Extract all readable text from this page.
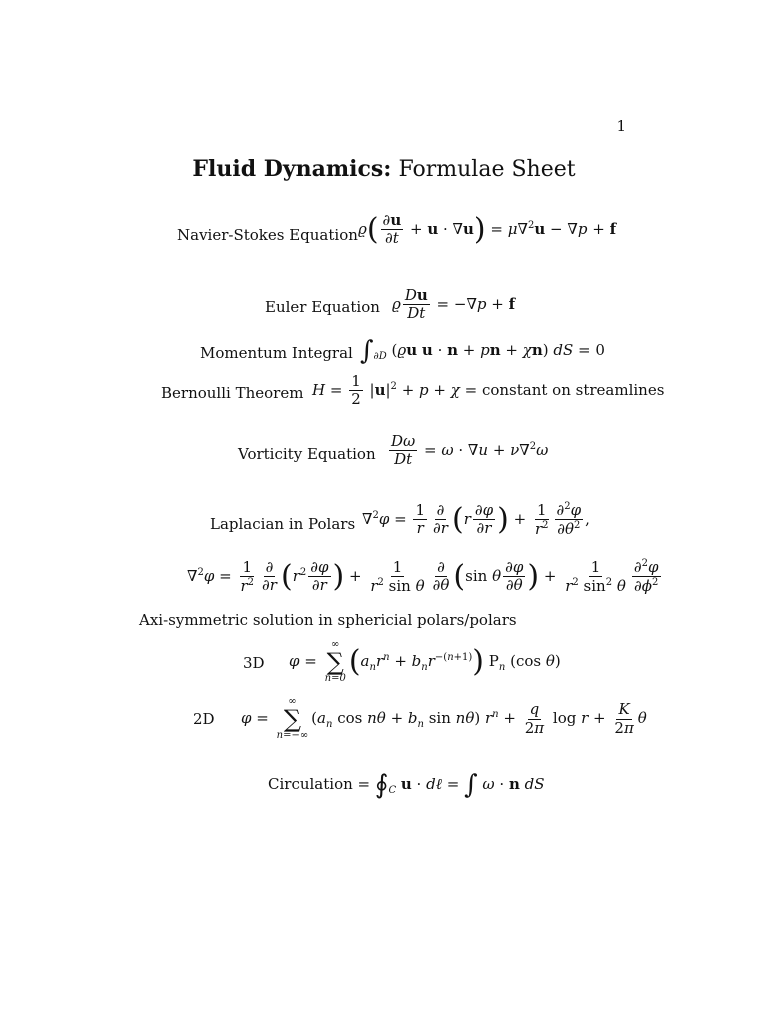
1
Fluid Dynamics: Formulae Sheet
Navier-Stokes Equation $ϱ( \frac{\partial u}{\partial t} + u \cdot \nabla u) = \mu\nabla^2u - \nabla p + f$
Euler Equation ϱ $\frac{Du}{Dt} = -\nabla p + f$
Momentum Integral $\int_{\partial D}$ (ϱu u · n + pn + χn) dS = 0
Bernoulli Theorem $H = \frac{1}{2} |u|^2 + p + \chi$ = constant on streamlines
Vorticity Equation $\frac{D\omega}{Dt} = \omega \cdot \nabla u + \nu\nabla^2\omega$
Laplacian in Polars $\nabla^2\varphi = \frac{1}{r} \frac{\partial}{\partial r} (r \frac{\partial\varphi}{\partial r}$ ) + $\frac{1}{r^2} \frac{\partial^2\varphi}{\partial\theta^2}$ ,
$\nabla^2\varphi = \frac{1}{r^2} \frac{\partial}{\partial r} (r^2 \frac{\partial\varphi}{\partial r}$ ) + $\frac{1}{r^2 \sin \theta} \frac{\partial}{\partial\theta} (\sin$ θ $\frac{\partial\varphi}{\partial\theta}$ ) + $\frac{1}{r^2 \sin^2 \theta} \frac{\partial^2\varphi}{\partial\phi^2}$
Axi-symmetric solution in sphericial polars/polars
3D φ =
∞
∑
n=0 $(a_nr^n + b_nr^{-(n+1)})$ $P_n$ (cos θ)
2D φ =
∞
∑
n=−∞
($a_n$ $\cos n\theta + b_n$ sin nθ) $r^n + \frac{q}{2\pi}$ $\log r + \frac{K}{2\pi}$ θ
Circulation = $∮_C$ u · dℓ = ∫ ω · n dS
